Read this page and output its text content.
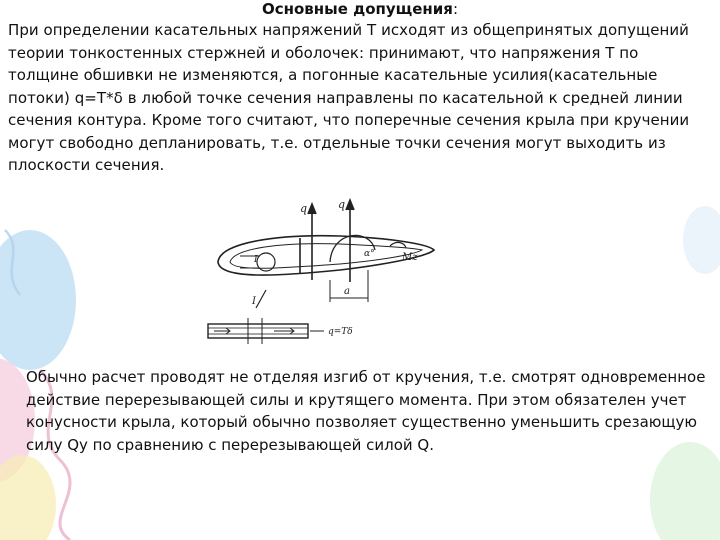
Основные допущения:
При определении касательных напряжений T исходят из общепринятых допущений теории тонкостенных стержней и оболочек: принимают, что напряжения T по толщине обшивки не изменяются, а погонные касательные усилия(касательные потоки) q=T*δ в любой точке сечения направлены по касательной к средней линии сечения контура. Кроме того считают, что поперечные сечения крыла при кручении могут свободно депланировать, т.е. отдельные точки сечения могут выходить из плоскости сечения.
q	q
α°	Mz
a
I
I
q=Tδ
Обычно расчет проводят не отделяя изгиб от кручения, т.е. смотрят одновременное действие перерезывающей силы и крутящего момента. При этом обязателен учет конусности крыла, который обычно позволяет существенно уменьшить срезающую силу Qy по сравнению с перерезывающей силой Q.
